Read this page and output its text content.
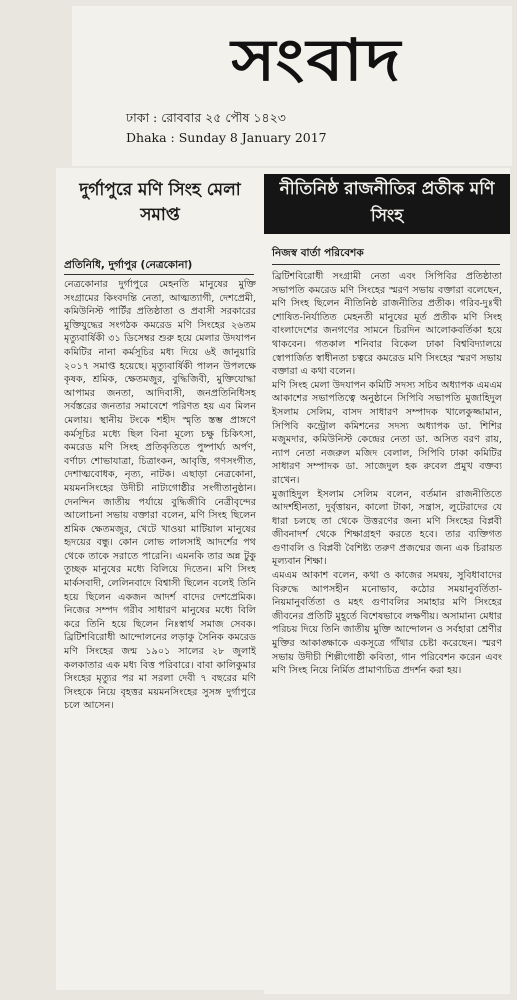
সংবাদ
ঢাকা : রোববার ২৫ পৌষ ১৪২৩
Dhaka : Sunday 8 January 2017
দুর্গাপুরে মণি সিংহ মেলা সমাপ্ত
প্রতিনিধি, দুর্গাপুর (নেত্রকোনা)

নেত্রকোনার দুর্গাপুরে মেহনতি মানুষের মুক্তি সংগ্রামের কিংবদন্তি নেতা, আত্মত্যাগী, দেশপ্রেমী, কমিউনিস্ট পার্টির প্রতিষ্ঠাতা ও প্রবাসী সরকারের মুক্তিযুদ্ধের সংগঠক কমরেড মণি সিংহের ২৬তম মৃত্যুবার্ষিকী ৩১ ডিসেম্বর শুরু হয়ে মেলার উদযাপন কমিটির নানা কর্মসূচির মধ্য দিয়ে ৬ই জানুয়ারি ২০১৭ সমাপ্ত হয়েছে। মৃত্যুবার্ষিকী পালন উপলক্ষে কৃষক, শ্রমিক, ক্ষেতমজুর, বুদ্ধিজিবী, মুক্তিযোদ্ধা আপামর জনতা, আদিবাসী, জনপ্রতিনিধিসহ সর্বস্তরের জনতার সমাবেশে পরিণত হয় এব মিলন মেলায়। স্থানীয় টংকে শহীদ স্মৃতি স্তম্ভ প্রাঙ্গণে কর্মসূচির মধ্যে ছিল বিনা মূল্যে চক্ষু চিকিৎসা, কমরেড মণি সিংহ প্রতিকৃতিতে পুষ্পার্ঘ্য অর্পণ, বর্ণাঢ্য শোভাযাত্রা, চিত্রাংকন, আবৃত্তি, গণসংগীত, দেশাত্মবোধক, নৃত্য, নাটক। এছাড়া নেত্রকোনা, ময়মনসিংহের উদীচী নাট্যগোষ্ঠীর সংগীতানুষ্ঠান। দেনন্দিন জাতীয় পর্যায়ে বুদ্ধিজীবি নেত্রীবৃন্দের আলোচনা সভায় বক্তারা বলেন, মণি সিংহ ছিলেন শ্রমিক ক্ষেতমজুর, খেটে খাওয়া মাটিয়াল মানুষের হৃদয়ের বন্ধু। কোন লোভ লালসাই আদর্শের পথ থেকে তাকে সরাতে পারেনি। এমনকি তার অন্ন টুকু তুচ্ছক মানুষের মধ্যে বিলিয়ে দিতেন। মণি সিংহ মার্কসবাদী, লেলিনবাদে বিশ্বাসী ছিলেন বলেই তিনি হয়ে ছিলেন একজন আদর্শ বাদের দেশপ্রেমিক। নিজের সম্পদ গরীব সাধারণ মানুষের মধ্যে বিলি করে তিনি হয়ে ছিলেন নিঃস্বার্থ সমাজ সেবক। ব্রিটিশবিরোধী আন্দোলনের লড়াকু সৈনিক কমরেড মণি সিংহের জন্ম ১৯০১ সালের ২৮ জুলাই কলকাতার এক মধ্য বিত্ত পরিবারে। বাবা কালিকুমার সিংহের মৃত্যুর পর মা সরলা দেবী ৭ বছরের মণি সিংহকে নিয়ে বৃহত্তর ময়মনসিংহের সুসঙ্গ দুর্গাপুরে চলে আসেন।

নীতিনিষ্ঠ রাজনীতির প্রতীক মণি সিংহ
নিজস্ব বার্তা পরিবেশক

ব্রিটিশবিরোধী সংগ্রামী নেতা এবং সিপিবির প্রতিষ্ঠাতা সভাপতি কমরেড মণি সিংহের স্মরণ সভায় বক্তারা বলেছেন, মণি সিংহ ছিলেন নীতিনিষ্ঠ রাজনীতির প্রতীক। গরিব-দুঃখী শোষিত-নির্যাতিত মেহনতী মানুষের মূর্ত প্রতীক মণি সিংহ বাংলাদেশের জনগণের সামনে চিরদিন আলোকবর্তিকা হয়ে থাকবেন। গতকাল শনিবার বিকেল ঢাকা বিশ্ববিদ্যালয়ে স্বোপার্জিত স্বাধীনতা চত্বরে কমরেড মণি সিংহের স্মরণ সভায় বক্তারা এ কথা বলেন।

মণি সিংহ মেলা উদযাপন কমিটি সদস্য সচিব অধ্যাপক এমএম আকাশের সভাপতিত্বে অনুষ্ঠানে সিপিবি সভাপতি মুজাহিদুল ইসলাম সেলিম, বাসদ সাধারণ সম্পাদক খালেকুজ্জামান, সিপিবি কন্ট্রোল কমিশনের সদস্য অধ্যাপক ডা. শিশির মজুমদার, কমিউনিস্ট কেন্দ্রের নেতা ডা. অসিত বরণ রায়, ন্যাপ নেতা নজরুল মজিদ বেলাল, সিপিবি ঢাকা কমিটির সাধারণ সম্পাদক ডা. সাজেদুল হক রুবেল প্রমুখ বক্তব্য রাখেন।

মুজাহিদুল ইসলাম সেলিম বলেন, বর্তমান রাজনীতিতে আদর্শহীনতা, দুর্বৃত্তায়ন, কালো টাকা, সন্ত্রাস, লুটেরাদের যে ধারা চলছে তা থেকে উত্তরণের জন্য মণি সিংহের বিপ্লবী জীবনাদর্শ থেকে শিক্ষাগ্রহণ করতে হবে। তার ব্যক্তিগত গুণাবলি ও বিপ্লবী বৈশিষ্ট্য তরুণ প্রজন্মের জন্য এক চিরায়ত মূল্যবান শিক্ষা।

এমএম আকাশ বলেন, কথা ও কাজের সমন্বয়, সুবিধাবাদের বিরুদ্ধে আপসহীন মনোভাব, কঠোর সময়ানুবর্তিতা- নিয়মানুবর্তিতা ও মহৎ গুণাবলির সমাহার মণি সিংহের জীবনের প্রতিটি মুহূর্তে বিশেষভাবে লক্ষণীয়। অসামান্য মেধার পরিচয় দিয়ে তিনি জাতীয় মুক্তি আন্দোলন ও সর্বহারা শ্রেণীর মুক্তির আকাঙ্ক্ষাকে একসূত্রে গাঁথার চেষ্টা করেছেন। স্মরণ সভায় উদীচী শিল্পীগোষ্ঠী কবিতা, গান পরিবেশন করেন এবং মণি সিংহ নিয়ে নির্মিত প্রামাণ্যচিত্র প্রদর্শন করা হয়।
